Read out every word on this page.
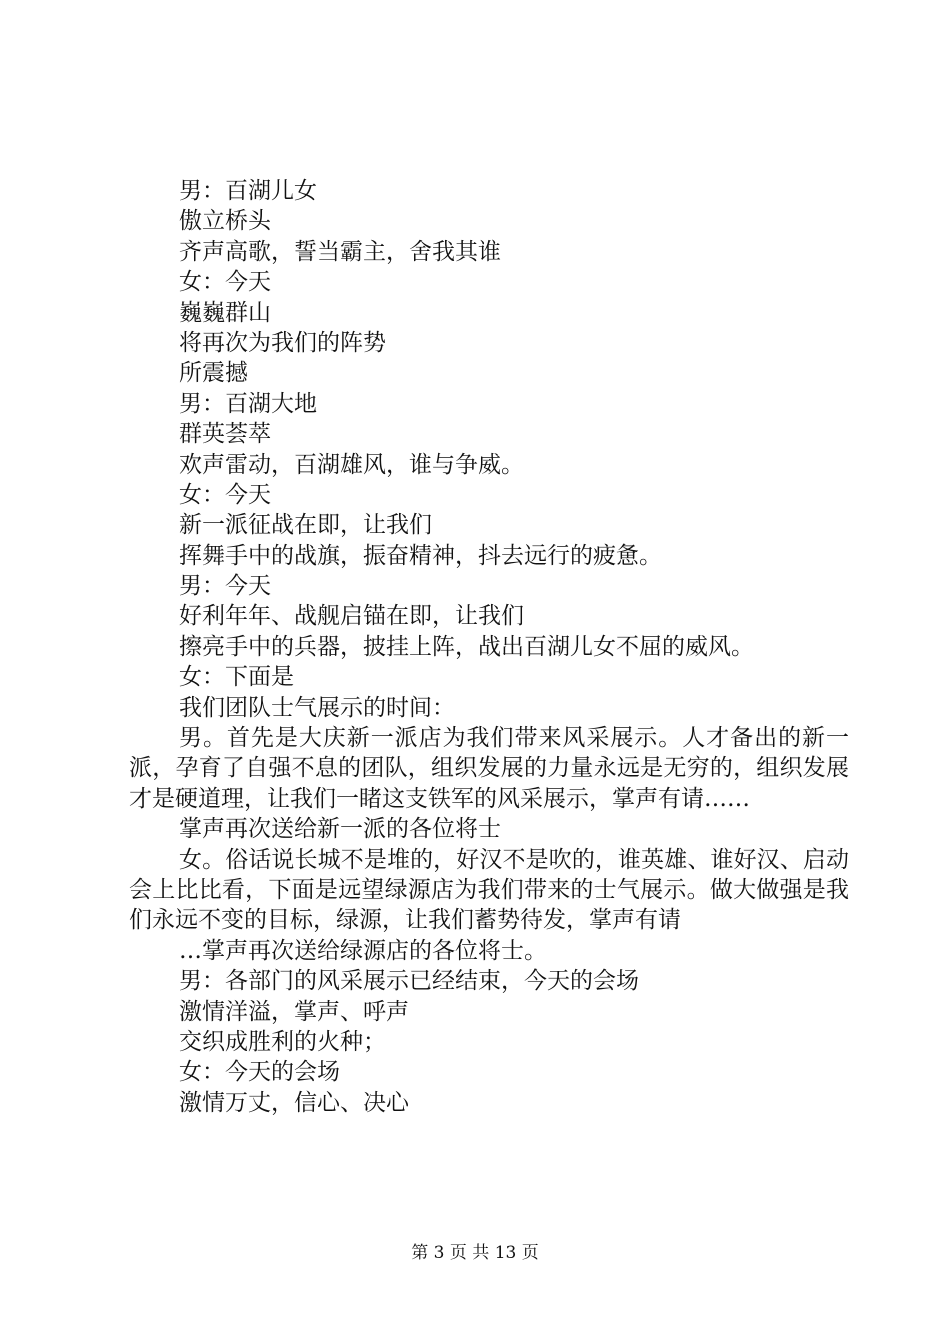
男：百湖儿女
傲立桥头
齐声高歌，誓当霸主，舍我其谁
女：今天
巍巍群山
将再次为我们的阵势
所震撼
男：百湖大地
群英荟萃
欢声雷动，百湖雄风，谁与争威。
女：今天
新一派征战在即，让我们
挥舞手中的战旗，振奋精神，抖去远行的疲惫。
男：今天
好利年年、战舰启锚在即，让我们
擦亮手中的兵器，披挂上阵，战出百湖儿女不屈的威风。
女：下面是
我们团队士气展示的时间：

男。首先是大庆新一派店为我们带来风采展示。人才备出的新一派，孕育了自强不息的团队，组织发展的力量永远是无穷的，组织发展才是硬道理，让我们一睹这支铁军的风采展示，掌声有请……

掌声再次送给新一派的各位将士

女。俗话说长城不是堆的，好汉不是吹的，谁英雄、谁好汉、启动会上比比看，下面是远望绿源店为我们带来的士气展示。做大做强是我们永远不变的目标，绿源，让我们蓄势待发，掌声有请

…掌声再次送给绿源店的各位将士。
男：各部门的风采展示已经结束，今天的会场
激情洋溢，掌声、呼声
交织成胜利的火种；
女：今天的会场
激情万丈，信心、决心
第 3 页 共 13 页
